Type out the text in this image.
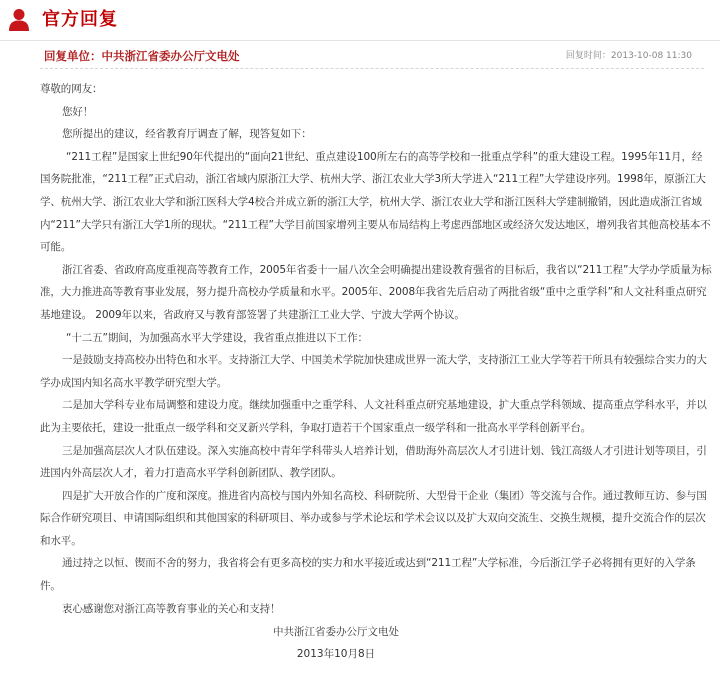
官方回复
回复单位：中共浙江省委办公厅文电处	回复时间：2013-10-08 11:30

尊敬的网友：

您好！

您所提出的建议，经省教育厅调查了解，现答复如下：

“211工程”是国家上世纪90年代提出的“面向21世纪、重点建设100所左右的高等学校和一批重点学科”的重大建设工程。1995年11月，经国务院批准，“211工程”正式启动，浙江省域内原浙江大学、杭州大学、浙江农业大学3所大学进入“211工程”大学建设序列。1998年，原浙江大学、杭州大学、浙江农业大学和浙江医科大学4校合并成立新的浙江大学，杭州大学、浙江农业大学和浙江医科大学建制撤销，因此造成浙江省域内“211”大学只有浙江大学1所的现状。“211工程”大学目前国家增列主要从布局结构上考虑西部地区或经济欠发达地区，增列我省其他高校基本不可能。

浙江省委、省政府高度重视高等教育工作，2005年省委十一届八次全会明确提出建设教育强省的目标后，我省以“211工程”大学办学质量为标准，大力推进高等教育事业发展，努力提升高校办学质量和水平。2005年、2008年我省先后启动了两批省级“重中之重学科”和人文社科重点研究基地建设。 2009年以来，省政府又与教育部签署了共建浙江工业大学、宁波大学两个协议。

“十二五”期间，为加强高水平大学建设，我省重点推进以下工作：

一是鼓励支持高校办出特色和水平。支持浙江大学、中国美术学院加快建成世界一流大学，支持浙江工业大学等若干所具有较强综合实力的大学办成国内知名高水平教学研究型大学。

二是加大学科专业布局调整和建设力度。继续加强重中之重学科、人文社科重点研究基地建设，扩大重点学科领域、提高重点学科水平，并以此为主要依托，建设一批重点一级学科和交叉新兴学科，争取打造若干个国家重点一级学科和一批高水平学科创新平台。

三是加强高层次人才队伍建设。深入实施高校中青年学科带头人培养计划，借助海外高层次人才引进计划、钱江高级人才引进计划等项目，引进国内外高层次人才，着力打造高水平学科创新团队、教学团队。

四是扩大开放合作的广度和深度。推进省内高校与国内外知名高校、科研院所、大型骨干企业（集团）等交流与合作。通过教师互访、参与国际合作研究项目、申请国际组织和其他国家的科研项目、举办或参与学术论坛和学术会议以及扩大双向交流生、交换生规模，提升交流合作的层次和水平。

通过持之以恒、锲而不舍的努力，我省将会有更多高校的实力和水平接近或达到“211工程”大学标准，今后浙江学子必将拥有更好的入学条件。

衷心感谢您对浙江高等教育事业的关心和支持！

中共浙江省委办公厅文电处
2013年10月8日
